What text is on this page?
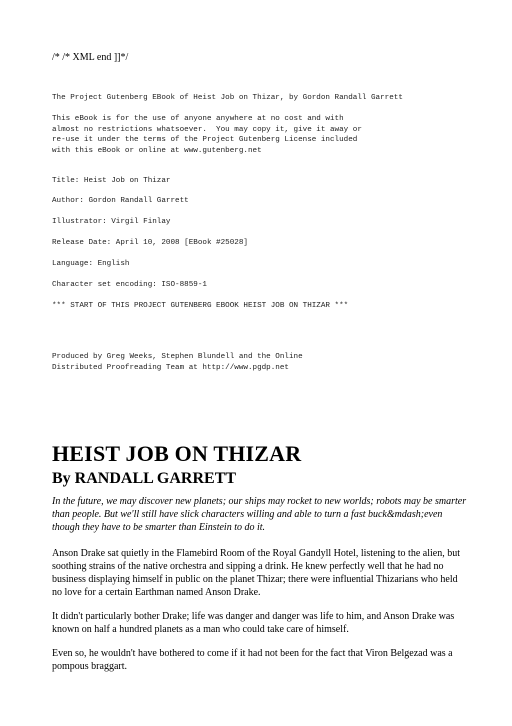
/* /* XML end ]]*/
The Project Gutenberg EBook of Heist Job on Thizar, by Gordon Randall Garrett
This eBook is for the use of anyone anywhere at no cost and with
almost no restrictions whatsoever.  You may copy it, give it away or
re-use it under the terms of the Project Gutenberg License included
with this eBook or online at www.gutenberg.net
Title: Heist Job on Thizar
Author: Gordon Randall Garrett
Illustrator: Virgil Finlay
Release Date: April 10, 2008 [EBook #25028]
Language: English
Character set encoding: ISO-8859-1
*** START OF THIS PROJECT GUTENBERG EBOOK HEIST JOB ON THIZAR ***
Produced by Greg Weeks, Stephen Blundell and the Online
Distributed Proofreading Team at http://www.pgdp.net
HEIST JOB ON THIZAR
By RANDALL GARRETT

In the future, we may discover new planets; our ships may rocket to new worlds; robots may be smarter than people. But we'll still have slick characters willing and able to turn a fast buck&mdash;even though they have to be smarter than Einstein to do it.

Anson Drake sat quietly in the Flamebird Room of the Royal Gandyll Hotel, listening to the alien, but soothing strains of the native orchestra and sipping a drink. He knew perfectly well that he had no business displaying himself in public on the planet Thizar; there were influential Thizarians who held no love for a certain Earthman named Anson Drake.

It didn't particularly bother Drake; life was danger and danger was life to him, and Anson Drake was known on half a hundred planets as a man who could take care of himself.

Even so, he wouldn't have bothered to come if it had not been for the fact that Viron Belgezad was a pompous braggart.
